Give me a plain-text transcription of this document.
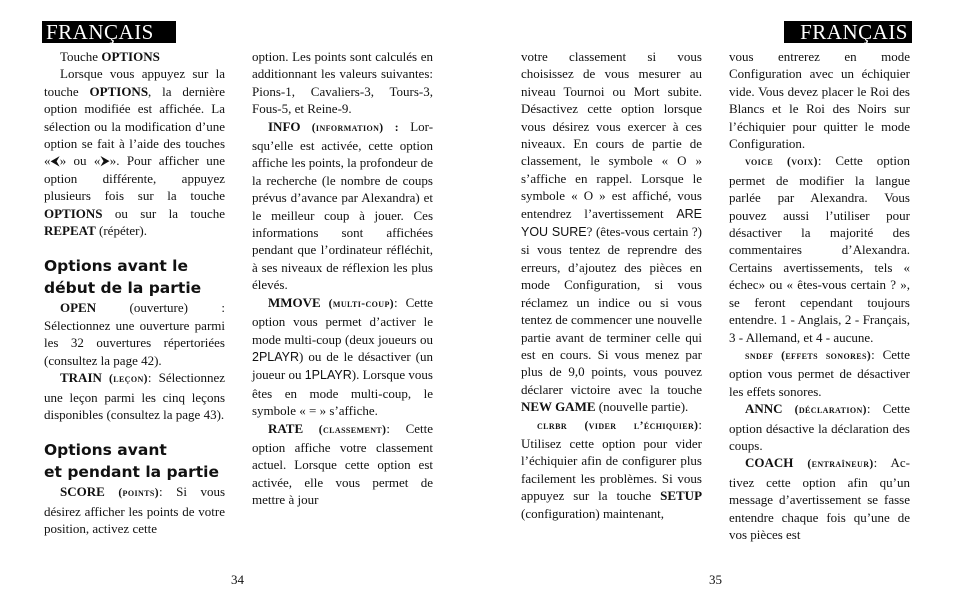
FRANÇAIS	FRANÇAIS

Touche OPTIONS

Lorsque vous appuyez sur la touche OPTIONS, la dernière option modifiée est affichée. La sélection ou la modification d’une option se fait à l’aide des touches «⮜» ou «⮞». Pour afficher une option différente, appuyez plusieurs fois sur la touche OPTIONS ou sur la touche REPEAT (répéter).

Options avant le
début de la partie

OPEN	(ouverture) : Sélectionnez une ouverture parmi les 32 ouvertures répertoriées (consultez la page 42).

TRAIN (leçon): Sélectionnez une leçon parmi les cinq leçons disponibles (consultez la page 43).

Options avant
et pendant la partie

SCORE (points): Si vous désirez afficher les points de votre position, activez cette

option. Les points sont calculés en additionnant les valeurs suivantes: Pions-1, Cavaliers-3, Tours-3, Fous-5, et Reine-9.

INFO (information) : Lor-squ’elle est activée, cette option affiche les points, la profondeur de la recherche (le nombre de coups prévus d’avance par Alexandra) et le meilleur coup à jouer. Ces informations sont affichées pendant que l’ordinateur réfléchit, à ses niveaux de réflexion les plus élevés.

MMOVE (multi-coup): Cette option vous permet d’activer le mode multi-coup (deux joueurs ou 2PLAYR) ou de le désactiver (un joueur ou 1PLAYR). Lorsque vous êtes en mode multi-coup, le symbole « = » s’affiche.

RATE (classement): Cette option affiche votre classement actuel. Lorsque cette option est activée, elle vous permet de mettre à jour

votre classement si vous choisissez de vous mesurer au niveau Tournoi ou Mort subite. Désactivez cette option lorsque vous désirez vous exercer à ces niveaux. En cours de partie de classement, le symbole « O » s’affiche en rappel. Lorsque le symbole « O » est affiché, vous entendrez l’avertissement ARE YOU SURE? (êtes-vous certain ?) si vous tentez de reprendre des erreurs, d’ajoutez des pièces en mode Configuration, si vous réclamez un indice ou si vous tentez de commencer une nouvelle partie avant de terminer celle qui est en cours. Si vous menez par plus de 9,0 points, vous pouvez déclarer victoire avec la touche NEW GAME (nouvelle partie).

clrbr (vider l’échiquier): Utilisez cette option pour vider l’échiquier afin de configurer plus facilement les problèmes. Si vous appuyez sur la touche SETUP (configuration) maintenant,

vous entrerez en mode Configuration avec un échiquier vide. Vous devez placer le Roi des Blancs et le Roi des Noirs sur l’échiquier pour quitter le mode Configuration.

voice (voix): Cette option permet de modifier la langue parlée par Alexandra. Vous pouvez aussi l’utiliser pour désactiver la majorité des commentaires d’Alexandra. Certains avertissements, tels « échec» ou « êtes-vous certain ? », se feront cependant toujours entendre. 1 - Anglais, 2 - Français, 3 - Allemand, et 4 - aucune.

sndef (effets sonores): Cette option vous permet de désactiver les effets sonores.

ANNC (déclaration): Cette option désactive la déclaration des coups.

COACH (entraîneur): Ac-tivez cette option afin qu’un message d’avertissement se fasse entendre chaque fois qu’une de vos pièces est

34	35
